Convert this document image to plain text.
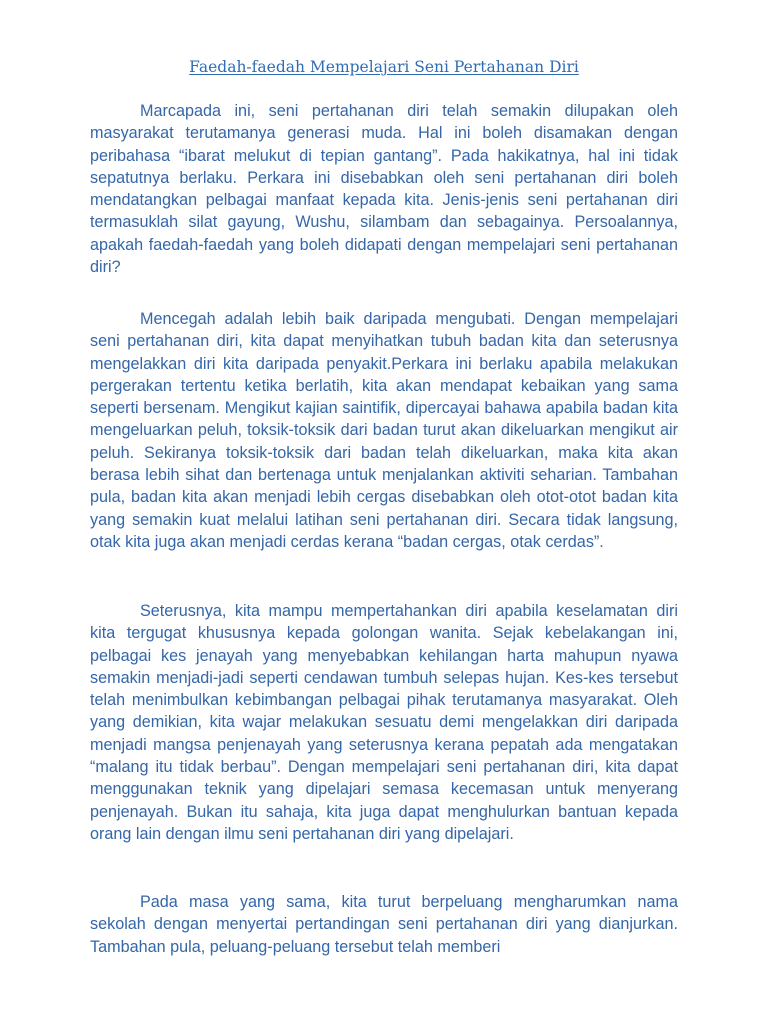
Faedah-faedah Mempelajari Seni Pertahanan Diri

Marcapada ini, seni pertahanan diri telah semakin dilupakan oleh masyarakat terutamanya generasi muda. Hal ini boleh disamakan dengan peribahasa “ibarat melukut di tepian gantang”. Pada hakikatnya, hal ini tidak sepatutnya berlaku. Perkara ini disebabkan oleh seni pertahanan diri boleh mendatangkan pelbagai manfaat kepada kita. Jenis-jenis seni pertahanan diri termasuklah silat gayung, Wushu, silambam dan sebagainya. Persoalannya, apakah faedah-faedah yang boleh didapati dengan mempelajari seni pertahanan diri?

Mencegah adalah lebih baik daripada mengubati. Dengan mempelajari seni pertahanan diri, kita dapat menyihatkan tubuh badan kita dan seterusnya mengelakkan diri kita daripada penyakit.Perkara ini berlaku apabila melakukan pergerakan tertentu ketika berlatih, kita akan mendapat kebaikan yang sama seperti bersenam. Mengikut kajian saintifik, dipercayai bahawa apabila badan kita mengeluarkan peluh, toksik-toksik dari badan turut akan dikeluarkan mengikut air peluh. Sekiranya toksik-toksik dari badan telah dikeluarkan, maka kita akan berasa lebih sihat dan bertenaga untuk menjalankan aktiviti seharian. Tambahan pula, badan kita akan menjadi lebih cergas disebabkan oleh otot-otot badan kita yang semakin kuat melalui latihan seni pertahanan diri. Secara tidak langsung, otak kita juga akan menjadi cerdas kerana “badan cergas, otak cerdas”.

Seterusnya, kita mampu mempertahankan diri apabila keselamatan diri kita tergugat khususnya kepada golongan wanita. Sejak kebelakangan ini, pelbagai kes jenayah yang menyebabkan kehilangan harta mahupun nyawa semakin menjadi-jadi seperti cendawan tumbuh selepas hujan. Kes-kes tersebut telah menimbulkan kebimbangan pelbagai pihak terutamanya masyarakat. Oleh yang demikian, kita wajar melakukan sesuatu demi mengelakkan diri daripada menjadi mangsa penjenayah yang seterusnya kerana pepatah ada mengatakan “malang itu tidak berbau”. Dengan mempelajari seni pertahanan diri, kita dapat menggunakan teknik yang dipelajari semasa kecemasan untuk menyerang penjenayah. Bukan itu sahaja, kita juga dapat menghulurkan bantuan kepada orang lain dengan ilmu seni pertahanan diri yang dipelajari.

Pada masa yang sama, kita turut berpeluang mengharumkan nama sekolah dengan menyertai pertandingan seni pertahanan diri yang dianjurkan. Tambahan pula, peluang-peluang tersebut telah memberi
